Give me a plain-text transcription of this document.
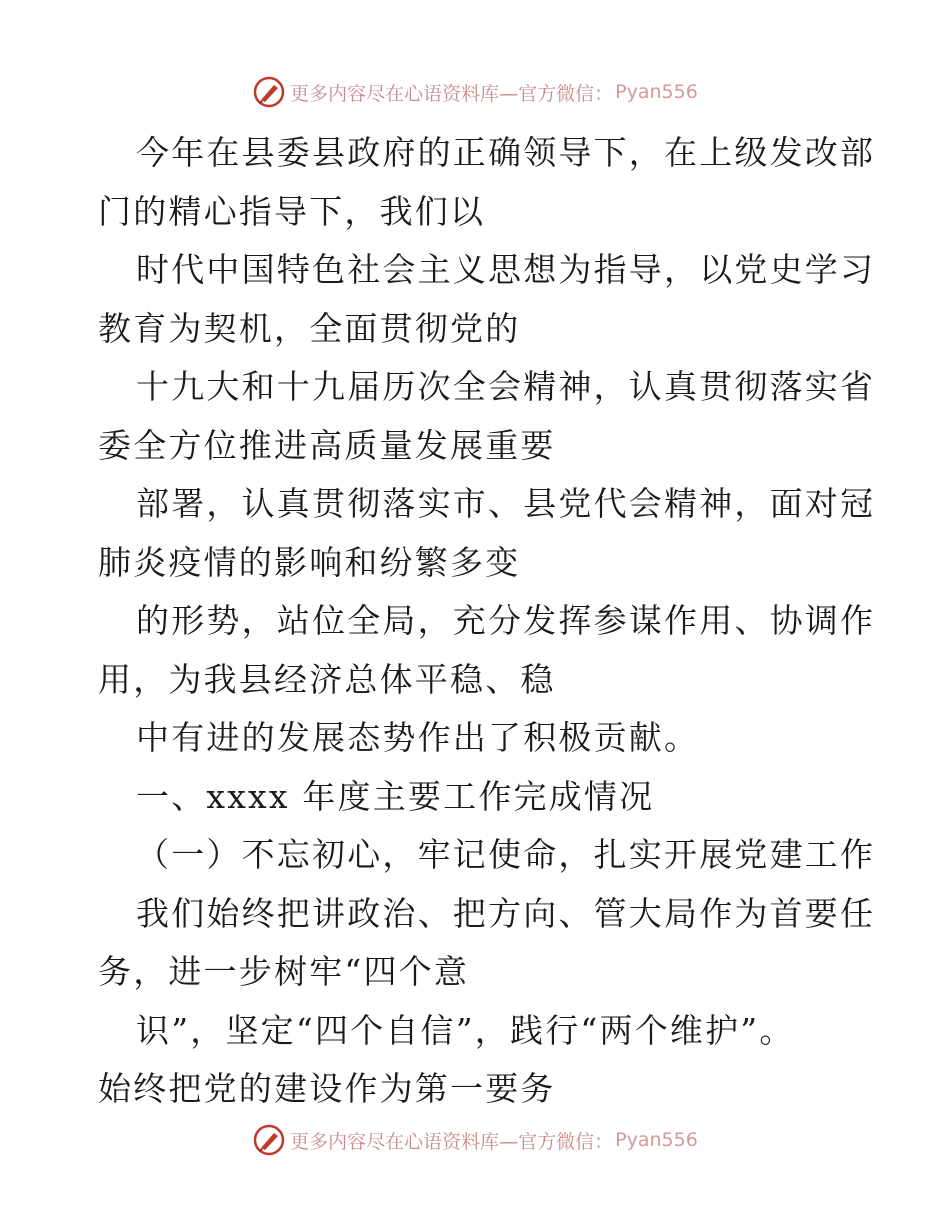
更多内容尽在心语资料库—官方微信： Pyan556
今年在县委县政府的正确领导下，在上级发改部
门的精心指导下，我们以
时代中国特色社会主义思想为指导，以党史学习
教育为契机，全面贯彻党的
十九大和十九届历次全会精神，认真贯彻落实省
委全方位推进高质量发展重要
部署，认真贯彻落实市、县党代会精神，面对冠
肺炎疫情的影响和纷繁多变
的形势，站位全局，充分发挥参谋作用、协调作
用，为我县经济总体平稳、稳
中有进的发展态势作出了积极贡献。
一、xxxx 年度主要工作完成情况
（一）不忘初心，牢记使命，扎实开展党建工作
我们始终把讲政治、把方向、管大局作为首要任
务，进一步树牢“四个意
识”，坚定“四个自信”，践行“两个维护”。
始终把党的建设作为第一要务
更多内容尽在心语资料库—官方微信： Pyan556
